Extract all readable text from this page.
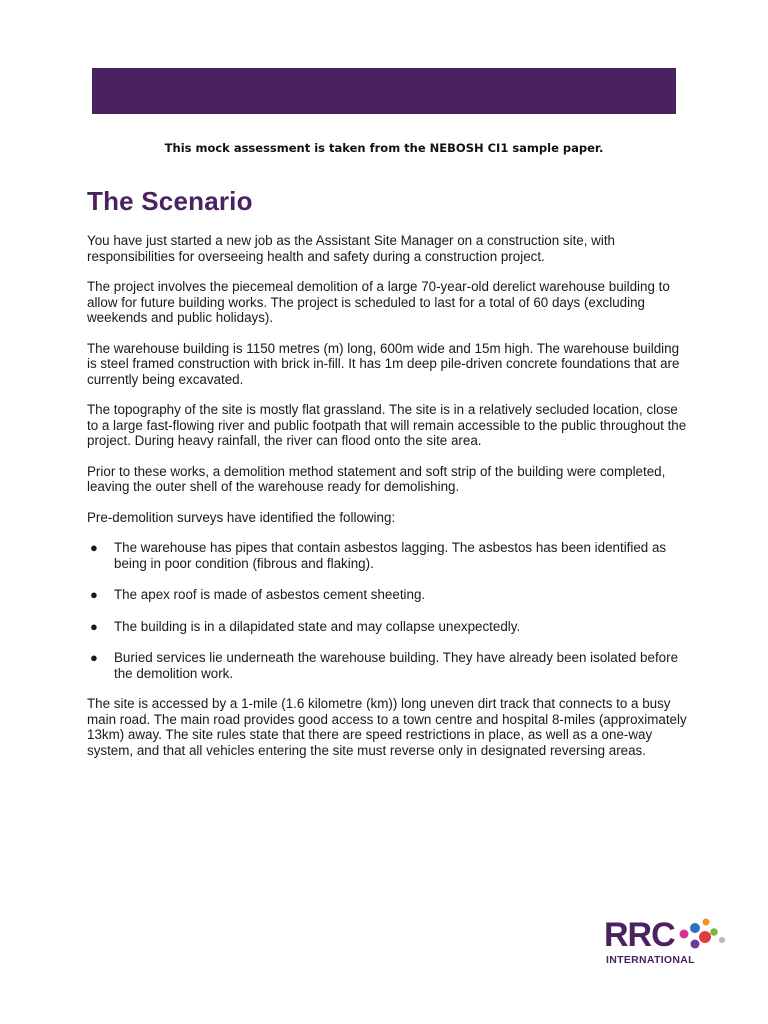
This mock assessment is taken from the NEBOSH CI1 sample paper.
The Scenario

You have just started a new job as the Assistant Site Manager on a construction site, with responsibilities for overseeing health and safety during a construction project.

The project involves the piecemeal demolition of a large 70-year-old derelict warehouse building to allow for future building works. The project is scheduled to last for a total of 60 days (excluding weekends and public holidays).

The warehouse building is 1150 metres (m) long, 600m wide and 15m high. The warehouse building is steel framed construction with brick in-fill. It has 1m deep pile-driven concrete foundations that are currently being excavated.

The topography of the site is mostly flat grassland. The site is in a relatively secluded location, close to a large fast-flowing river and public footpath that will remain accessible to the public throughout the project. During heavy rainfall, the river can flood onto the site area.

Prior to these works, a demolition method statement and soft strip of the building were completed, leaving the outer shell of the warehouse ready for demolishing.

Pre-demolition surveys have identified the following:

● The warehouse has pipes that contain asbestos lagging. The asbestos has been identified as being in poor condition (fibrous and flaking).
● The apex roof is made of asbestos cement sheeting.
● The building is in a dilapidated state and may collapse unexpectedly.
● Buried services lie underneath the warehouse building. They have already been isolated before the demolition work.

The site is accessed by a 1-mile (1.6 kilometre (km)) long uneven dirt track that connects to a busy main road. The main road provides good access to a town centre and hospital 8-miles (approximately 13km) away. The site rules state that there are speed restrictions in place, as well as a one-way system, and that all vehicles entering the site must reverse only in designated reversing areas.

RRC
INTERNATIONAL
